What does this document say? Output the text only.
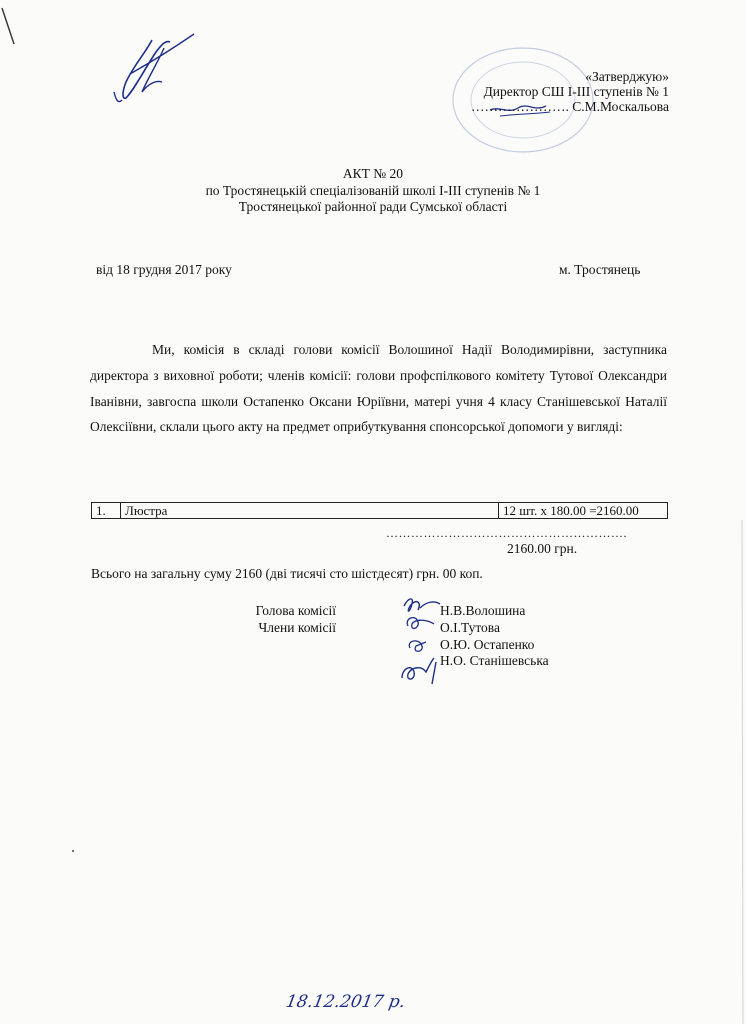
«Затверджую»
Директор СШ І-ІІІ ступенів № 1
…………………. С.М.Москальова
АКТ № 20
по Тростянецькій спеціалізованій школі І-ІІІ ступенів № 1
Тростянецької районної ради Сумської області
від 18 грудня 2017 року	м. Тростянець
Ми, комісія в складі голови комісії Волошиної Надії Володимирівни, заступника директора з виховної роботи; членів комісії: голови профспілкового комітету Тутової Олександри Іванівни, завгоспа школи Остапенко Оксани Юріївни, матері учня 4 класу Станішевської Наталії Олексіївни, склали цього акту на предмет оприбуткування спонсорської допомоги у вигляді:
1.	Люстра	12 шт. х 180.00 =2160.00
………………………………………………….
2160.00 грн.
Всього на загальну суму 2160 (дві тисячі сто шістдесят) грн. 00 коп.
Голова комісії
Члени комісії
Н.В.Волошина
О.І.Тутова
О.Ю. Остапенко
Н.О. Станішевська
18.12.2017 р.
